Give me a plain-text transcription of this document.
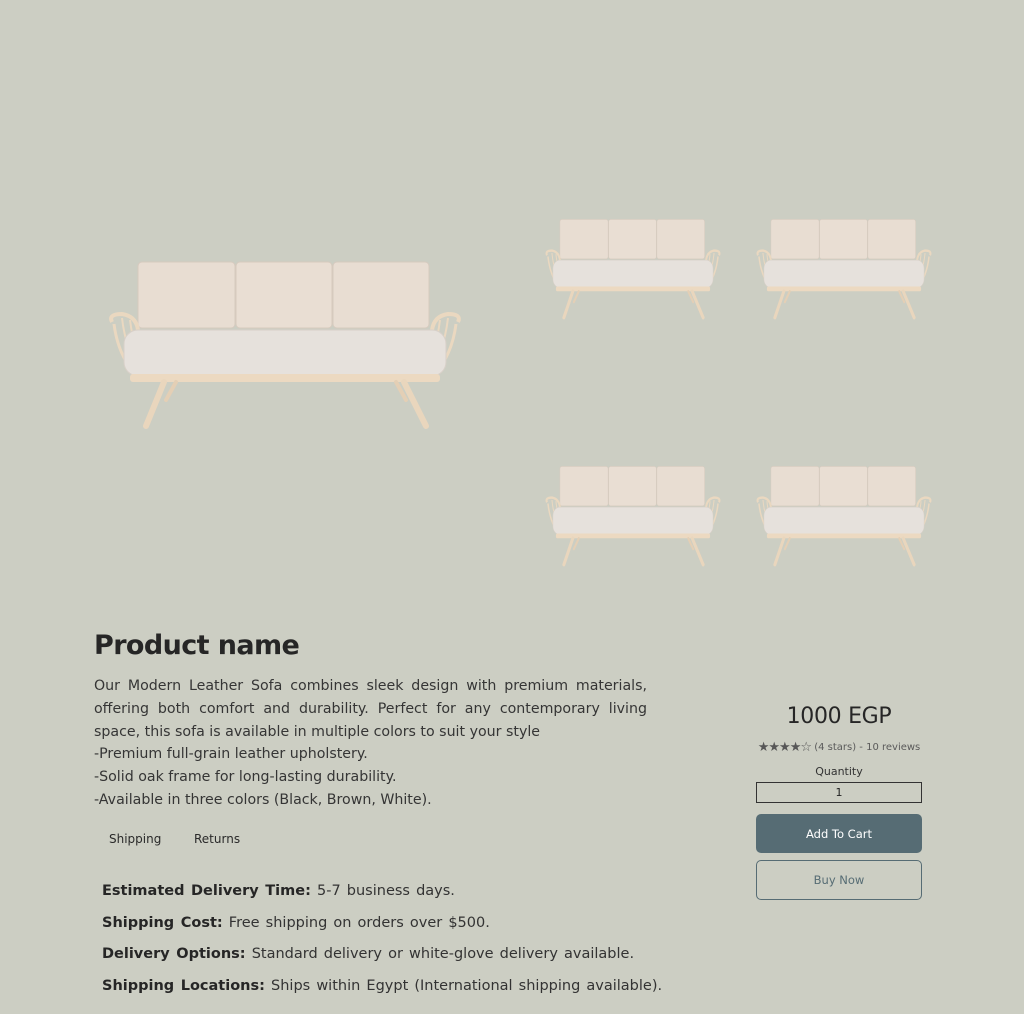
Product name
Our Modern Leather Sofa combines sleek design with premium materials, offering both comfort and durability. Perfect for any contemporary living space, this sofa is available in multiple colors to suit your style
-Premium full-grain leather upholstery.
-Solid oak frame for long-lasting durability.
-Available in three colors (Black, Brown, White).
Shipping	Returns
Estimated Delivery Time: 5-7 business days.
Shipping Cost: Free shipping on orders over $500.
Delivery Options: Standard delivery or white-glove delivery available.
Shipping Locations: Ships within Egypt (International shipping available).
1000 EGP
★★★★☆ (4 stars) - 10 reviews
Quantity
1
Add To Cart
Buy Now
